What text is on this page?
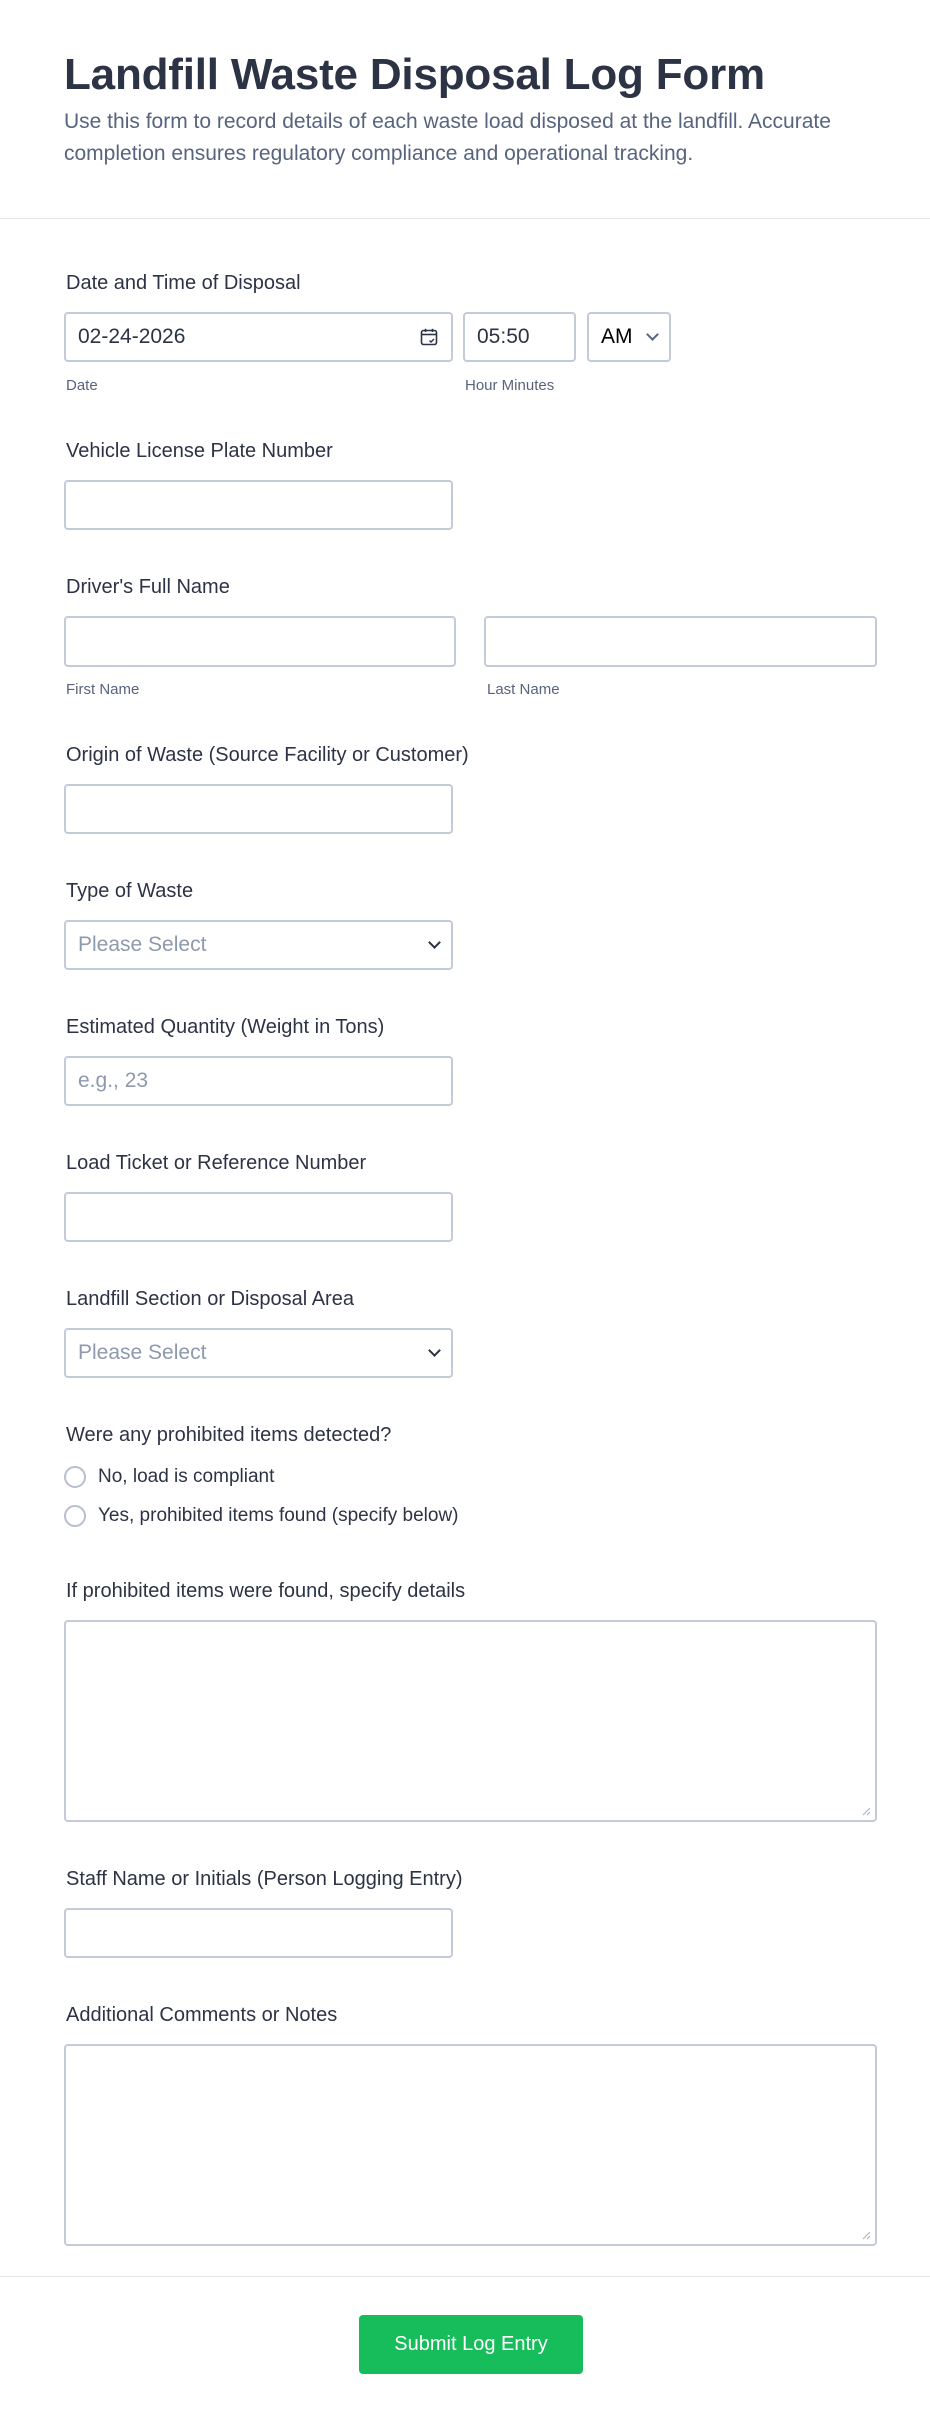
Landfill Waste Disposal Log Form
Use this form to record details of each waste load disposed at the landfill. Accurate completion ensures regulatory compliance and operational tracking.
Date and Time of Disposal
02-24-2026
Date
05:50
Hour Minutes
AM
Vehicle License Plate Number
Driver's Full Name
First Name	Last Name
Origin of Waste (Source Facility or Customer)
Type of Waste
Please Select
Estimated Quantity (Weight in Tons)
e.g., 23
Load Ticket or Reference Number
Landfill Section or Disposal Area
Please Select
Were any prohibited items detected?
No, load is compliant
Yes, prohibited items found (specify below)
If prohibited items were found, specify details
Staff Name or Initials (Person Logging Entry)
Additional Comments or Notes
Submit Log Entry
